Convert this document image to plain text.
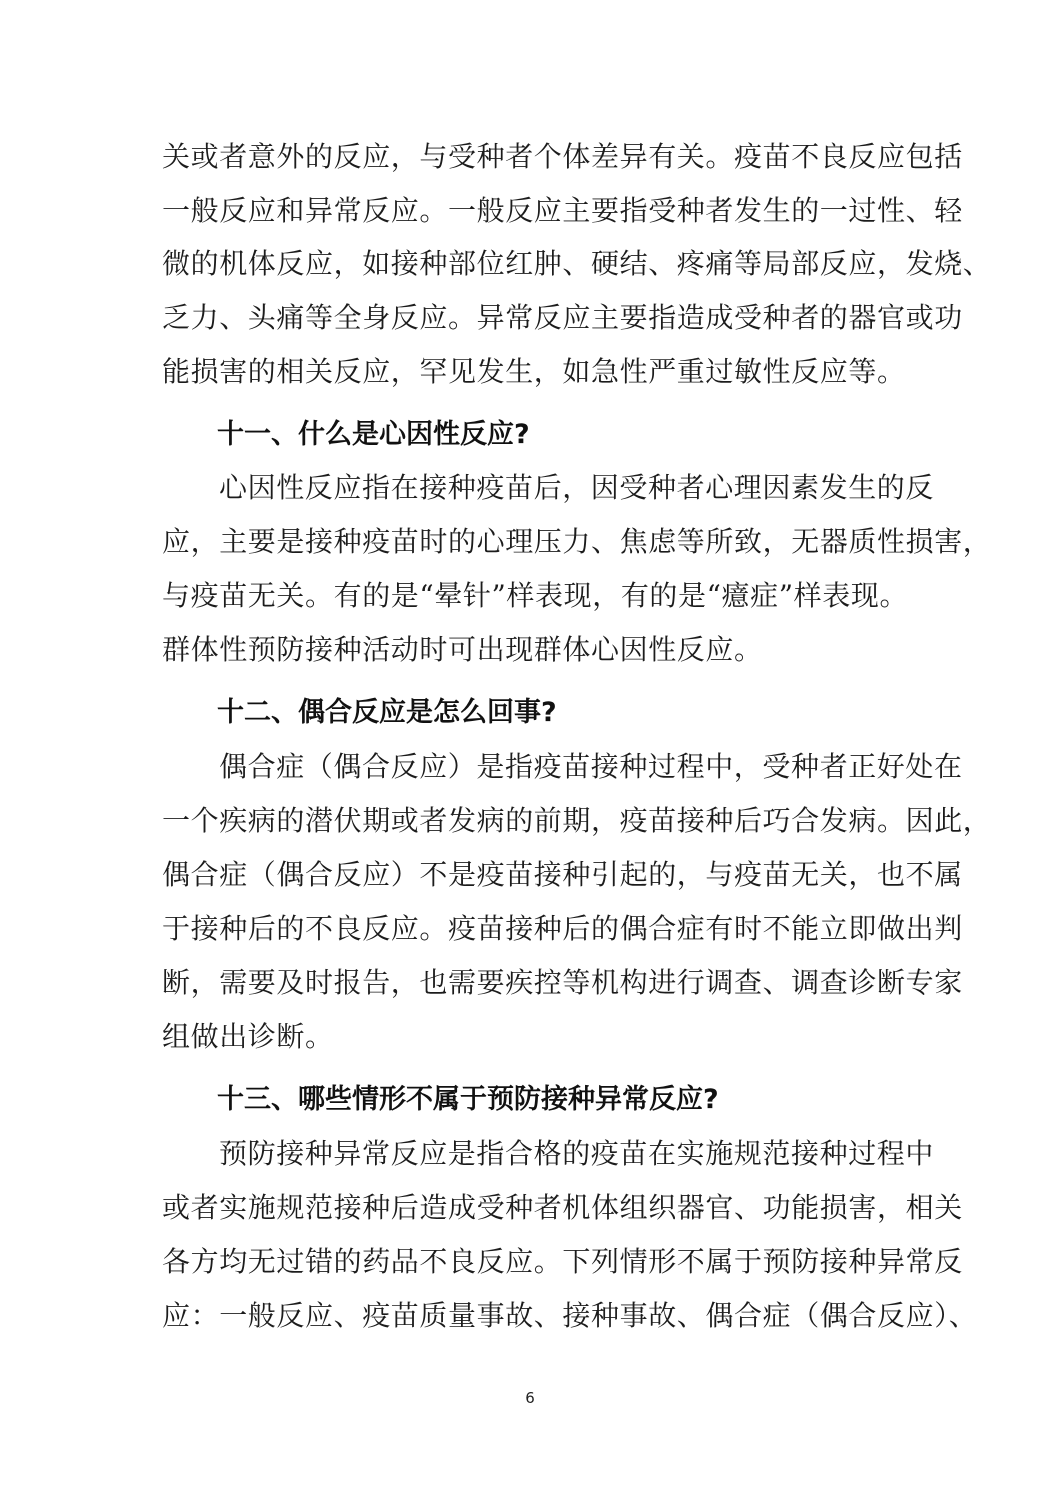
关或者意外的反应，与受种者个体差异有关。疫苗不良反应包括
一般反应和异常反应。一般反应主要指受种者发生的一过性、轻
微的机体反应，如接种部位红肿、硬结、疼痛等局部反应，发烧、
乏力、头痛等全身反应。异常反应主要指造成受种者的器官或功
能损害的相关反应，罕见发生，如急性严重过敏性反应等。
十一、什么是心因性反应?
心因性反应指在接种疫苗后，因受种者心理因素发生的反
应，主要是接种疫苗时的心理压力、焦虑等所致，无器质性损害，
与疫苗无关。有的是“晕针”样表现，有的是“癔症”样表现。
群体性预防接种活动时可出现群体心因性反应。
十二、偶合反应是怎么回事?
偶合症（偶合反应）是指疫苗接种过程中，受种者正好处在
一个疾病的潜伏期或者发病的前期，疫苗接种后巧合发病。因此，
偶合症（偶合反应）不是疫苗接种引起的，与疫苗无关，也不属
于接种后的不良反应。疫苗接种后的偶合症有时不能立即做出判
断，需要及时报告，也需要疾控等机构进行调查、调查诊断专家
组做出诊断。
十三、哪些情形不属于预防接种异常反应?
预防接种异常反应是指合格的疫苗在实施规范接种过程中
或者实施规范接种后造成受种者机体组织器官、功能损害，相关
各方均无过错的药品不良反应。下列情形不属于预防接种异常反
应：一般反应、疫苗质量事故、接种事故、偶合症（偶合反应）、
6
